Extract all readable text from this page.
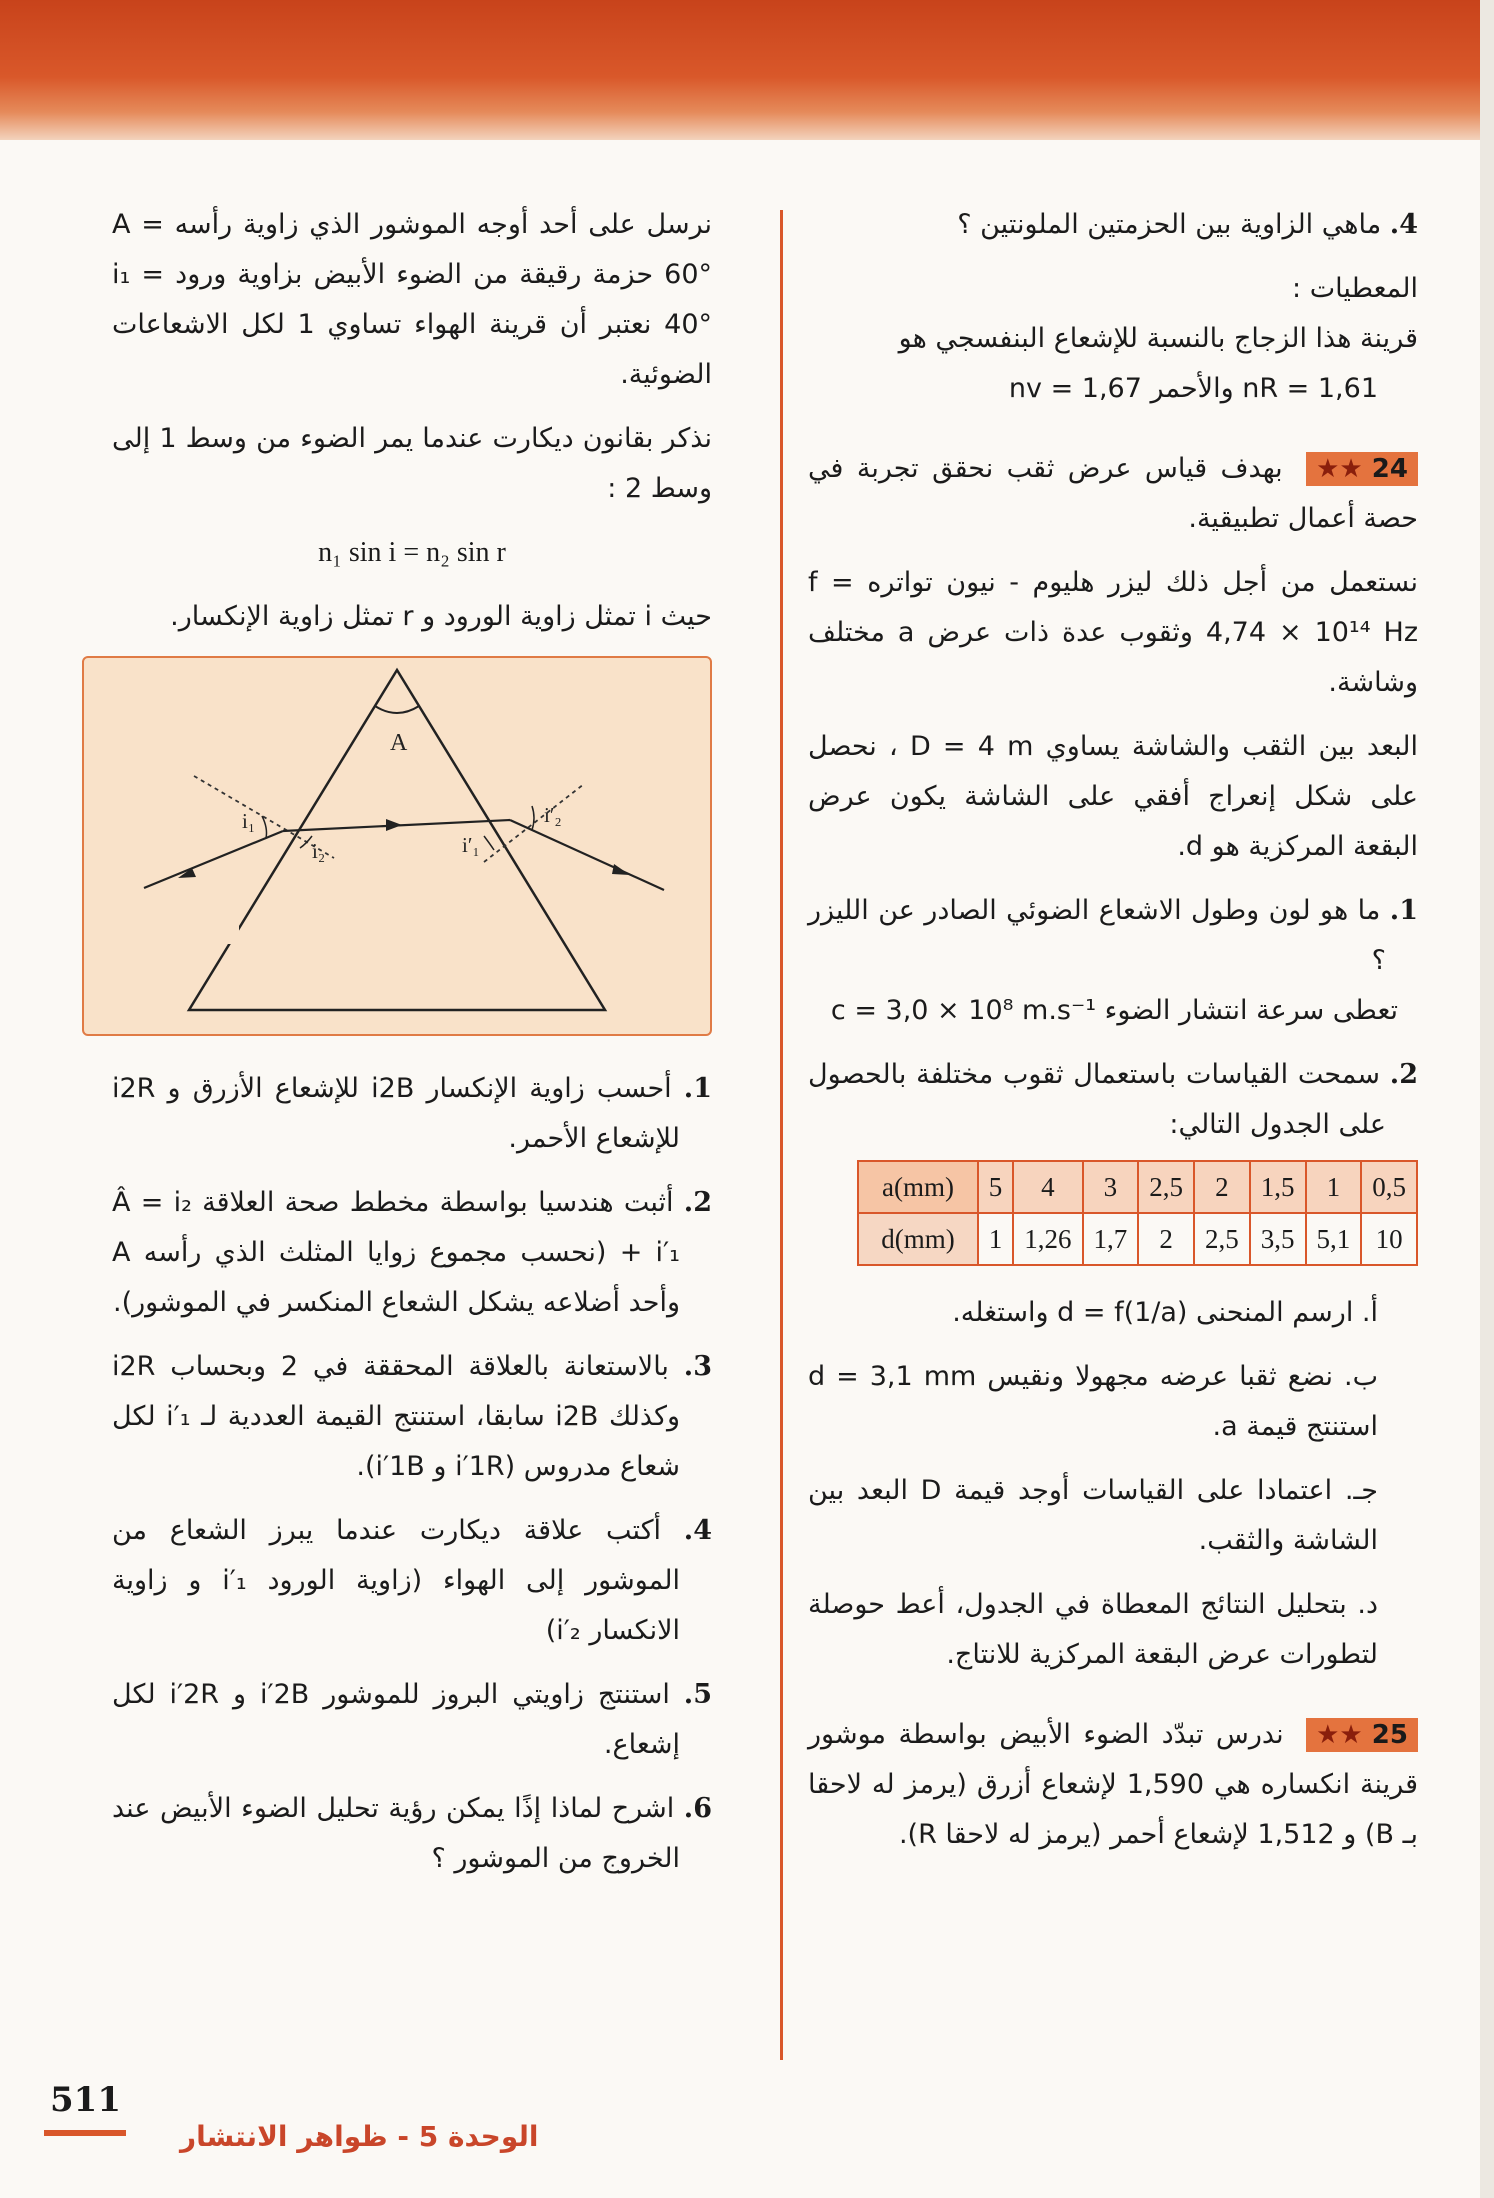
4. ماهي الزاوية بين الحزمتين الملونتين ؟

المعطيات :

قرينة هذا الزجاج بالنسبة للإشعاع البنفسجي هو

nR = 1,61 والأحمر nv = 1,67

★★ 24 بهدف قياس عرض ثقب نحقق تجربة في حصة أعمال تطبيقية.

نستعمل من أجل ذلك ليزر هليوم - نيون تواتره f = 4,74 × 10¹⁴ Hz وثقوب عدة ذات عرض a مختلف وشاشة.

البعد بين الثقب والشاشة يساوي D = 4 m ، نحصل على شكل إنعراج أفقي على الشاشة يكون عرض البقعة المركزية هو d.

1. ما هو لون وطول الاشعاع الضوئي الصادر عن الليزر ؟

تعطى سرعة انتشار الضوء c = 3,0 × 10⁸ m.s⁻¹

2. سمحت القياسات باستعمال ثقوب مختلفة بالحصول على الجدول التالي:

a(mm)	5	4	3	2,5	2	1,5	1	0,5
d(mm)	1	1,26	1,7	2	2,5	3,5	5,1	10

أ. ارسم المنحنى d = f(1/a) واستغله.

ب. نضع ثقبا عرضه مجهولا ونقيس d = 3,1 mm استنتج قيمة a.

جـ. اعتمادا على القياسات أوجد قيمة D البعد بين الشاشة والثقب.

د. بتحليل النتائج المعطاة في الجدول، أعط حوصلة لتطورات عرض البقعة المركزية للانتاج.

★★ 25 ندرس تبدّد الضوء الأبيض بواسطة موشور قرينة انكساره هي 1,590 لإشعاع أزرق (يرمز له لاحقا بـ B) و 1,512 لإشعاع أحمر (يرمز له لاحقا R).

نرسل على أحد أوجه الموشور الذي زاوية رأسه A = 60° حزمة رقيقة من الضوء الأبيض بزاوية ورود i₁ = 40° نعتبر أن قرينة الهواء تساوي 1 لكل الاشعاعات الضوئية.

نذكر بقانون ديكارت عندما يمر الضوء من وسط 1 إلى وسط 2 :

n₁ sin i = n₂ sin r

حيث i تمثل زاوية الورود و r تمثل زاوية الإنكسار.

A
i₁
i₂	i′₁
i′₂

1. أحسب زاوية الإنكسار i2B للإشعاع الأزرق و i2R للإشعاع الأحمر.

2. أثبت هندسيا بواسطة مخطط صحة العلاقة Â = i₂ + i′₁ (نحسب مجموع زوايا المثلث الذي رأسه A وأحد أضلاعه يشكل الشعاع المنكسر في الموشور).

3. بالاستعانة بالعلاقة المحققة في 2 وبحساب i2R وكذلك i2B سابقا، استنتج القيمة العددية لـ i′₁ لكل شعاع مدروس (i′1R و i′1B).

4. أكتب علاقة ديكارت عندما يبرز الشعاع من الموشور إلى الهواء (زاوية الورود i′₁ و زاوية الانكسار i′₂)

5. استنتج زاويتي البروز للموشور i′2B و i′2R لكل إشعاع.

6. اشرح لماذا إذًا يمكن رؤية تحليل الضوء الأبيض عند الخروج من الموشور ؟

511
الوحدة 5 - ظواهر الانتشار
